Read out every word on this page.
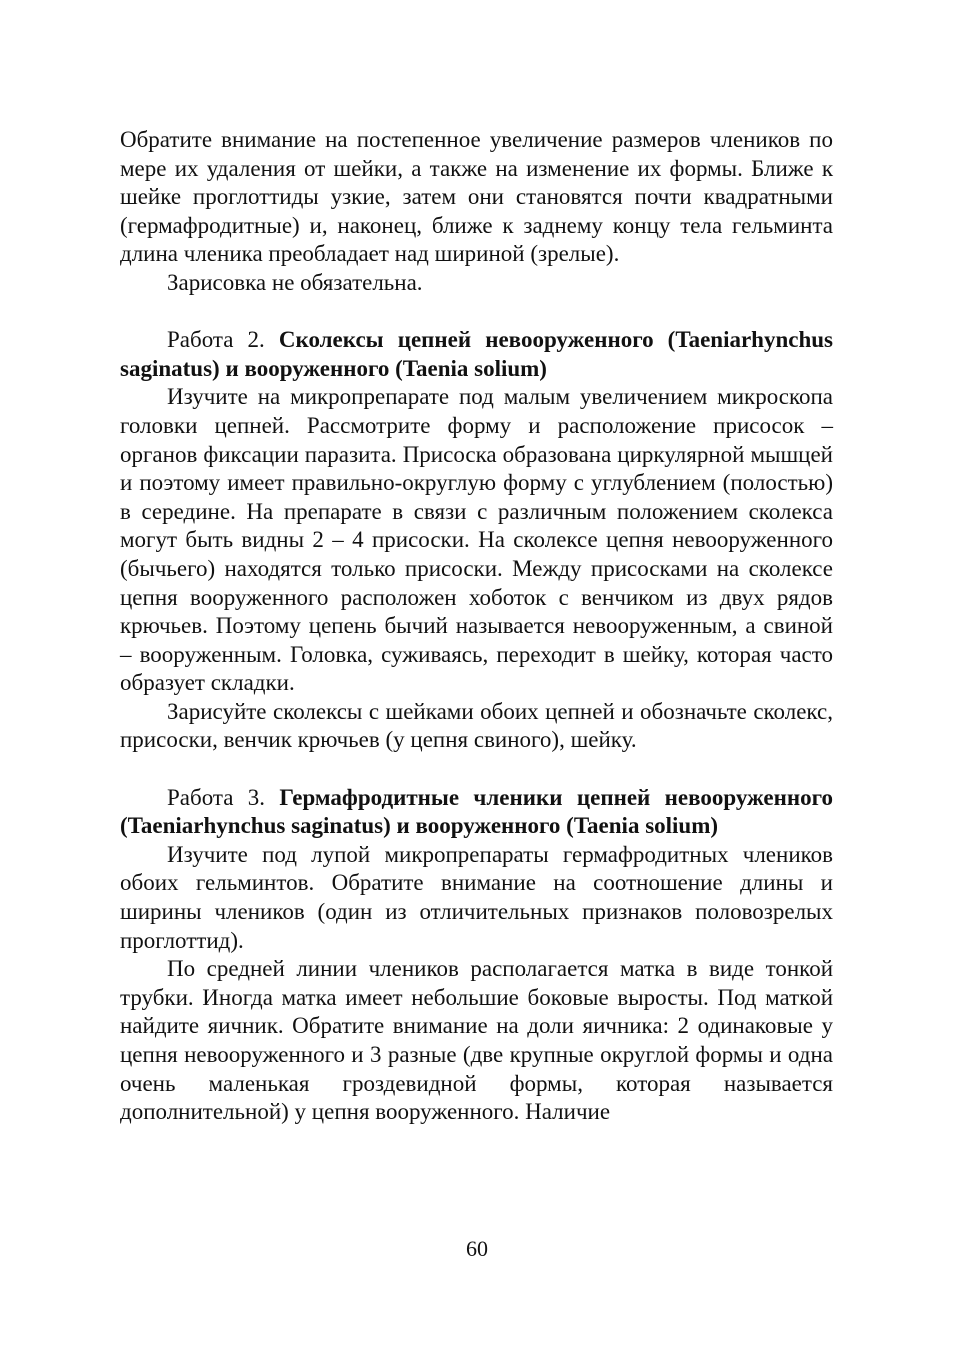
Обратите внимание на постепенное увеличение размеров члеников по мере их удаления от шейки, а также на изменение их формы. Ближе к шейке проглоттиды узкие, затем они становятся почти квадратными (гермафродитные) и, наконец, ближе к заднему концу тела гельминта длина членика преобладает над шириной (зрелые).

Зарисовка не обязательна.

Работа 2. Сколексы цепней невооруженного (Taeniarhynchus saginatus) и вооруженного (Taenia solium)

Изучите на микропрепарате под малым увеличением микроскопа головки цепней. Рассмотрите форму и расположение присосок – органов фиксации паразита. Присоска образована циркулярной мышцей и поэтому имеет правильно-округлую форму с углублением (полостью) в середине. На препарате в связи с различным положением сколекса могут быть видны 2 – 4 присоски. На сколексе цепня невооруженного (бычьего) находятся только присоски. Между присосками на сколексе цепня вооруженного расположен хоботок с венчиком из двух рядов крючьев. Поэтому цепень бычий называется невооруженным, а свиной – вооруженным. Головка, суживаясь, переходит в шейку, которая часто образует складки.

Зарисуйте сколексы с шейками обоих цепней и обозначьте сколекс, присоски, венчик крючьев (у цепня свиного), шейку.

Работа 3. Гермафродитные членики цепней невооруженного (Taeniarhynchus saginatus) и вооруженного (Taenia solium)

Изучите под лупой микропрепараты гермафродитных члеников обоих гельминтов. Обратите внимание на соотношение длины и ширины члеников (один из отличительных признаков половозрелых проглоттид).

По средней линии члеников располагается матка в виде тонкой трубки. Иногда матка имеет небольшие боковые выросты. Под маткой найдите яичник. Обратите внимание на доли яичника: 2 одинаковые у цепня невооруженного и 3 разные (две крупные округлой формы и одна очень маленькая гроздевидной формы, которая называется дополнительной) у цепня вооруженного. Наличие

60
